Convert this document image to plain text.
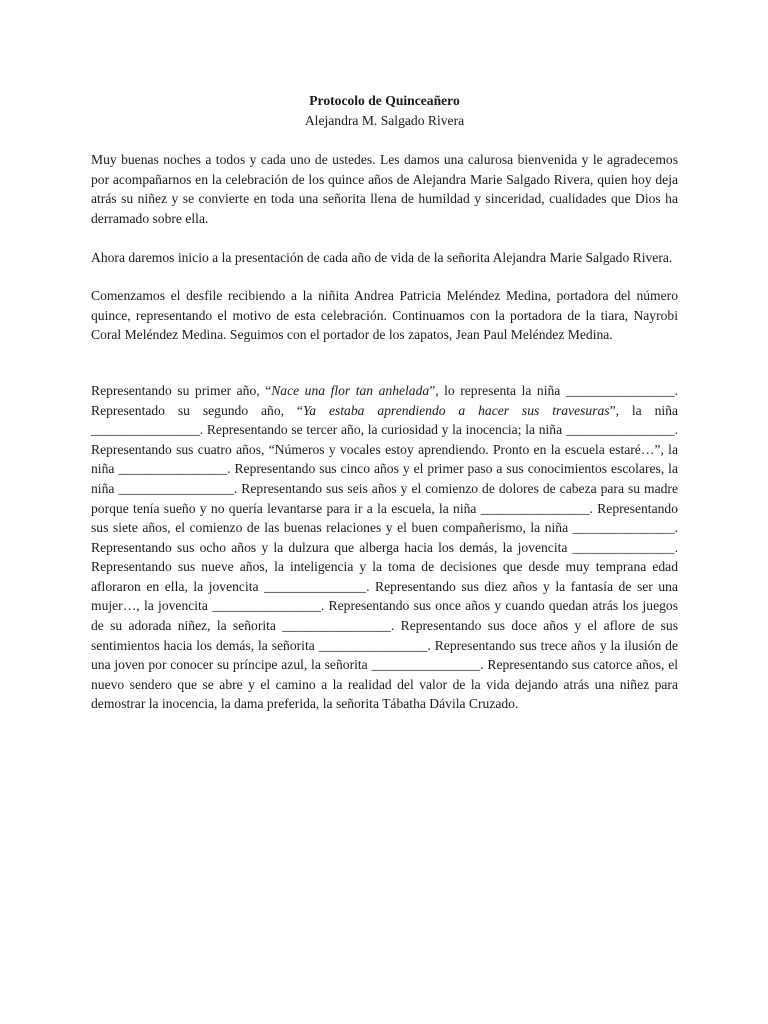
Protocolo de Quinceañero

Alejandra M. Salgado Rivera

Muy buenas noches a todos y cada uno de ustedes. Les damos una calurosa bienvenida y le agradecemos por acompañarnos en la celebración de los quince años de Alejandra Marie Salgado Rivera, quien hoy deja atrás su niñez y se convierte en toda una señorita llena de humildad y sinceridad, cualidades que Dios ha derramado sobre ella.

Ahora daremos inicio a la presentación de cada año de vida de la señorita Alejandra Marie Salgado Rivera.

Comenzamos el desfile recibiendo a la niñita Andrea Patricia Meléndez Medina, portadora del número quince, representando el motivo de esta celebración. Continuamos con la portadora de la tiara, Nayrobi Coral Meléndez Medina. Seguimos con el portador de los zapatos, Jean Paul Meléndez Medina.

Representando su primer año, “Nace una flor tan anhelada”, lo representa la niña ________________. Representado su segundo año, “Ya estaba aprendiendo a hacer sus travesuras”, la niña ________________. Representando se tercer año, la curiosidad y la inocencia; la niña ________________. Representando sus cuatro años, “Números y vocales estoy aprendiendo. Pronto en la escuela estaré…”, la niña ________________. Representando sus cinco años y el primer paso a sus conocimientos escolares, la niña _________________. Representando sus seis años y el comienzo de dolores de cabeza para su madre porque tenía sueño y no quería levantarse para ir a la escuela, la niña ________________. Representando sus siete años, el comienzo de las buenas relaciones y el buen compañerismo, la niña _______________. Representando sus ocho años y la dulzura que alberga hacia los demás, la jovencita _______________. Representando sus nueve años, la inteligencia y la toma de decisiones que desde muy temprana edad afloraron en ella, la jovencita _______________. Representando sus diez años y la fantasía de ser una mujer…, la jovencita ________________. Representando sus once años y cuando quedan atrás los juegos de su adorada niñez, la señorita ________________. Representando sus doce años y el aflore de sus sentimientos hacia los demás, la señorita ________________. Representando sus trece años y la ilusión de una joven por conocer su príncipe azul, la señorita ________________. Representando sus catorce años, el nuevo sendero que se abre y el camino a la realidad del valor de la vida dejando atrás una niñez para demostrar la inocencia, la dama preferida, la señorita Tábatha Dávila Cruzado.
